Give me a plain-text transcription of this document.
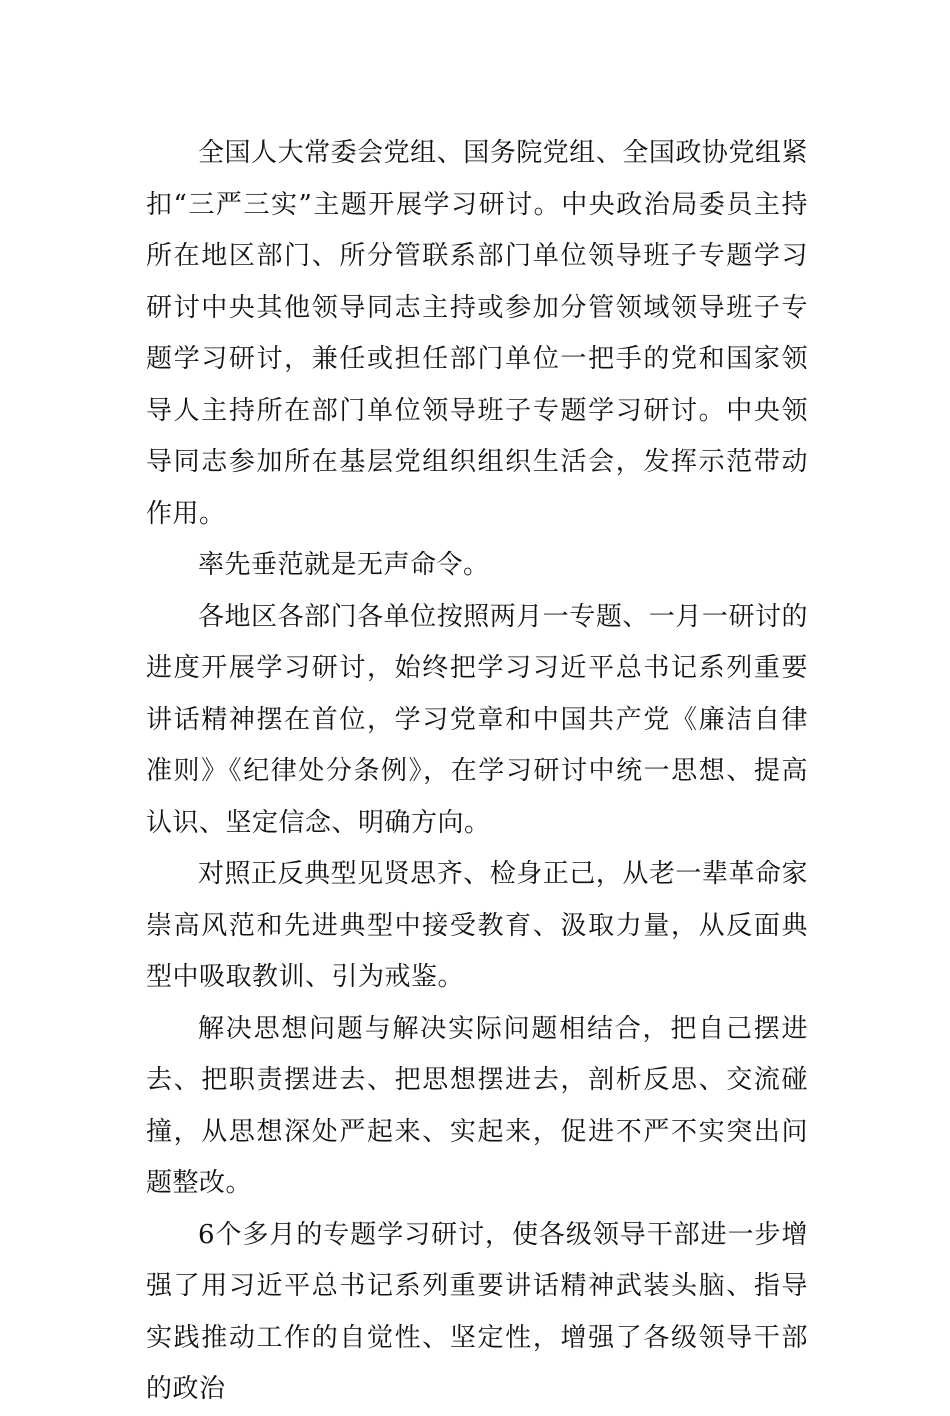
全国人大常委会党组、国务院党组、全国政协党组紧扣“三严三实”主题开展学习研讨。中央政治局委员主持所在地区部门、所分管联系部门单位领导班子专题学习研讨中央其他领导同志主持或参加分管领域领导班子专题学习研讨，兼任或担任部门单位一把手的党和国家领导人主持所在部门单位领导班子专题学习研讨。中央领导同志参加所在基层党组织组织生活会，发挥示范带动作用。

率先垂范就是无声命令。

各地区各部门各单位按照两月一专题、一月一研讨的进度开展学习研讨，始终把学习习近平总书记系列重要讲话精神摆在首位，学习党章和中国共产党《廉洁自律准则》《纪律处分条例》，在学习研讨中统一思想、提高认识、坚定信念、明确方向。

对照正反典型见贤思齐、检身正己，从老一辈革命家崇高风范和先进典型中接受教育、汲取力量，从反面典型中吸取教训、引为戒鉴。

解决思想问题与解决实际问题相结合，把自己摆进去、把职责摆进去、把思想摆进去，剖析反思、交流碰撞，从思想深处严起来、实起来，促进不严不实突出问题整改。

6个多月的专题学习研讨，使各级领导干部进一步增强了用习近平总书记系列重要讲话精神武装头脑、指导实践推动工作的自觉性、坚定性，增强了各级领导干部的政治
